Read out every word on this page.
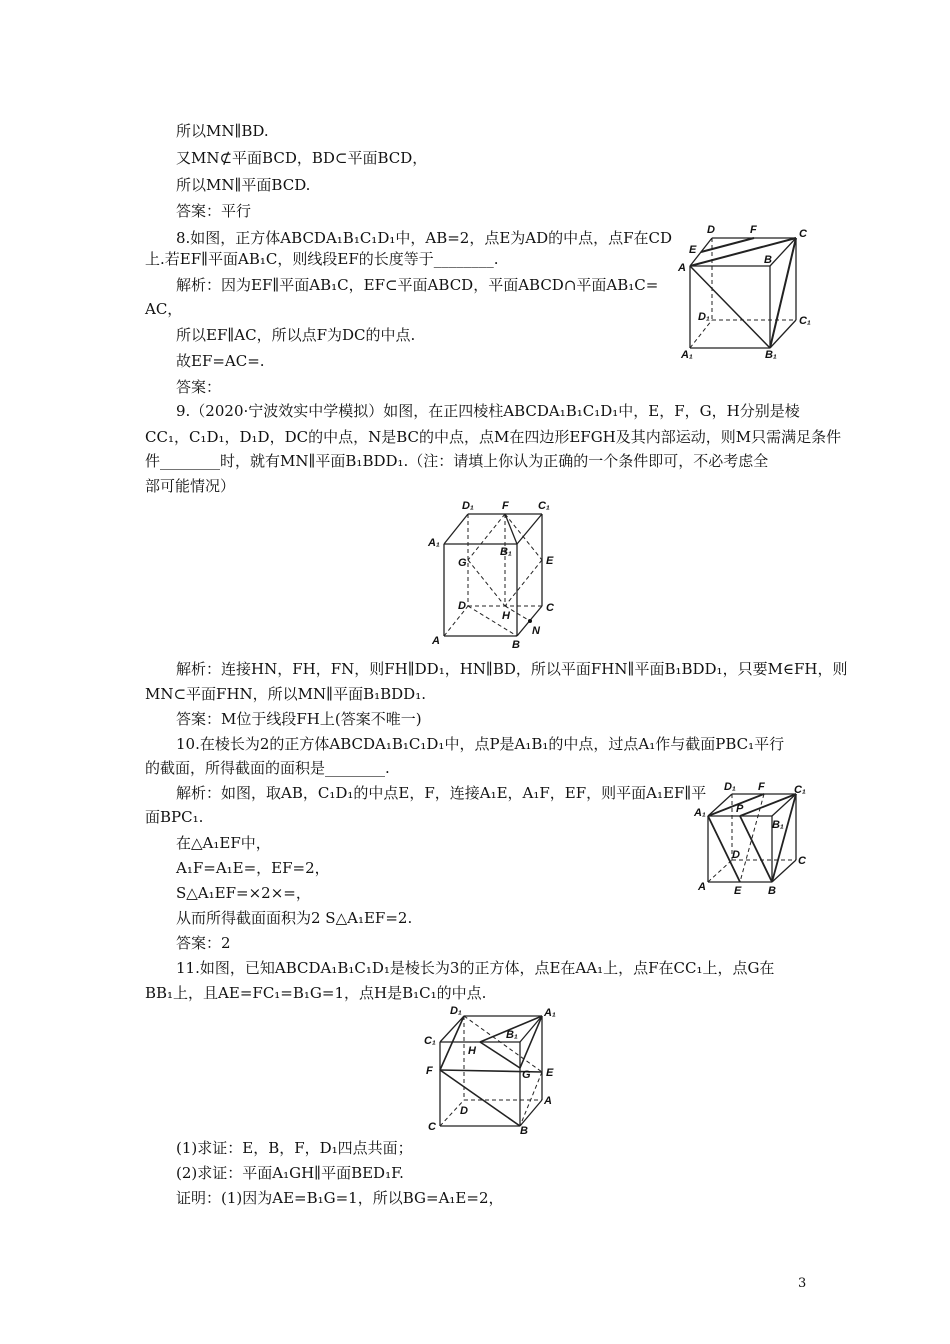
所以MN∥BD.
又MN⊄平面BCD，BD⊂平面BCD，
所以MN∥平面BCD.
答案：平行
8.如图，正方体ABCDA₁B₁C₁D₁中，AB=2，点E为AD的中点，点F在CD
上.若EF∥平面AB₁C，则线段EF的长度等于________.
解析：因为EF∥平面AB₁C，EF⊂平面ABCD，平面ABCD∩平面AB₁C=
AC，
所以EF∥AC，所以点F为DC的中点.
故EF=AC=.
答案：
9.（2020·宁波效实中学模拟）如图，在正四棱柱ABCDA₁B₁C₁D₁中，E，F，G，H分别是棱
CC₁，C₁D₁，D₁D，DC的中点，N是BC的中点，点M在四边形EFGH及其内部运动，则M只需满足条件
件________时，就有MN∥平面B₁BDD₁.（注：请填上你认为正确的一个条件即可，不必考虑全
部可能情况）
解析：连接HN，FH，FN，则FH∥DD₁，HN∥BD，所以平面FHN∥平面B₁BDD₁，只要M∈FH，则
MN⊂平面FHN，所以MN∥平面B₁BDD₁.
答案：M位于线段FH上(答案不唯一)
10.在棱长为2的正方体ABCDA₁B₁C₁D₁中，点P是A₁B₁的中点，过点A₁作与截面PBC₁平行
的截面，所得截面的面积是________.
解析：如图，取AB，C₁D₁的中点E，F，连接A₁E，A₁F，EF，则平面A₁EF∥平
面BPC₁.
在△A₁EF中，
A₁F=A₁E=，EF=2，
S△A₁EF=×2×=，
从而所得截面面积为2 S△A₁EF=2.
答案：2
11.如图，已知ABCDA₁B₁C₁D₁是棱长为3的正方体，点E在AA₁上，点F在CC₁上，点G在
BB₁上，且AE=FC₁=B₁G=1，点H是B₁C₁的中点.
(1)求证：E，B，F，D₁四点共面；
(2)求证：平面A₁GH∥平面BED₁F.
证明：(1)因为AE=B₁G=1，所以BG=A₁E=2，
D	F	C
E
A
B
D₁	C₁
A₁	B₁
D₁	F	C₁
A₁
B₁
G	E
D	C
H
N
A	B
D₁ F	C₁
A₁	P
B₁
D	C
A	E B
D₁	A₁
C₁	B₁
H
F	G E
D
A
C	B
3
